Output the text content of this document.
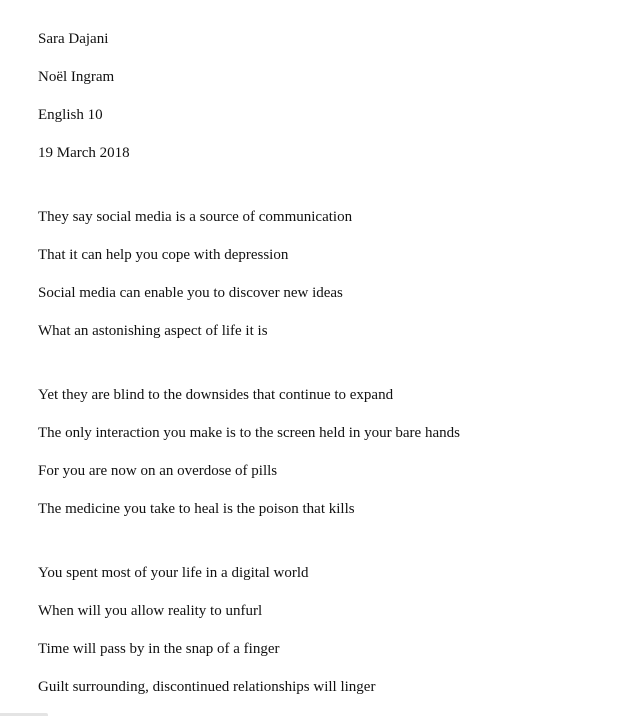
Sara Dajani
Noël Ingram
English 10
19 March 2018
They say social media is a source of communication
That it can help you cope with depression
Social media can enable you to discover new ideas
What an astonishing aspect of life it is
Yet they are blind to the downsides that continue to expand
The only interaction you make is to the screen held in your bare hands
For you are now on an overdose of pills
The medicine you take to heal is the poison that kills
You spent most of your life in a digital world
When will you allow reality to unfurl
Time will pass by in the snap of a finger
Guilt surrounding, discontinued relationships will linger
